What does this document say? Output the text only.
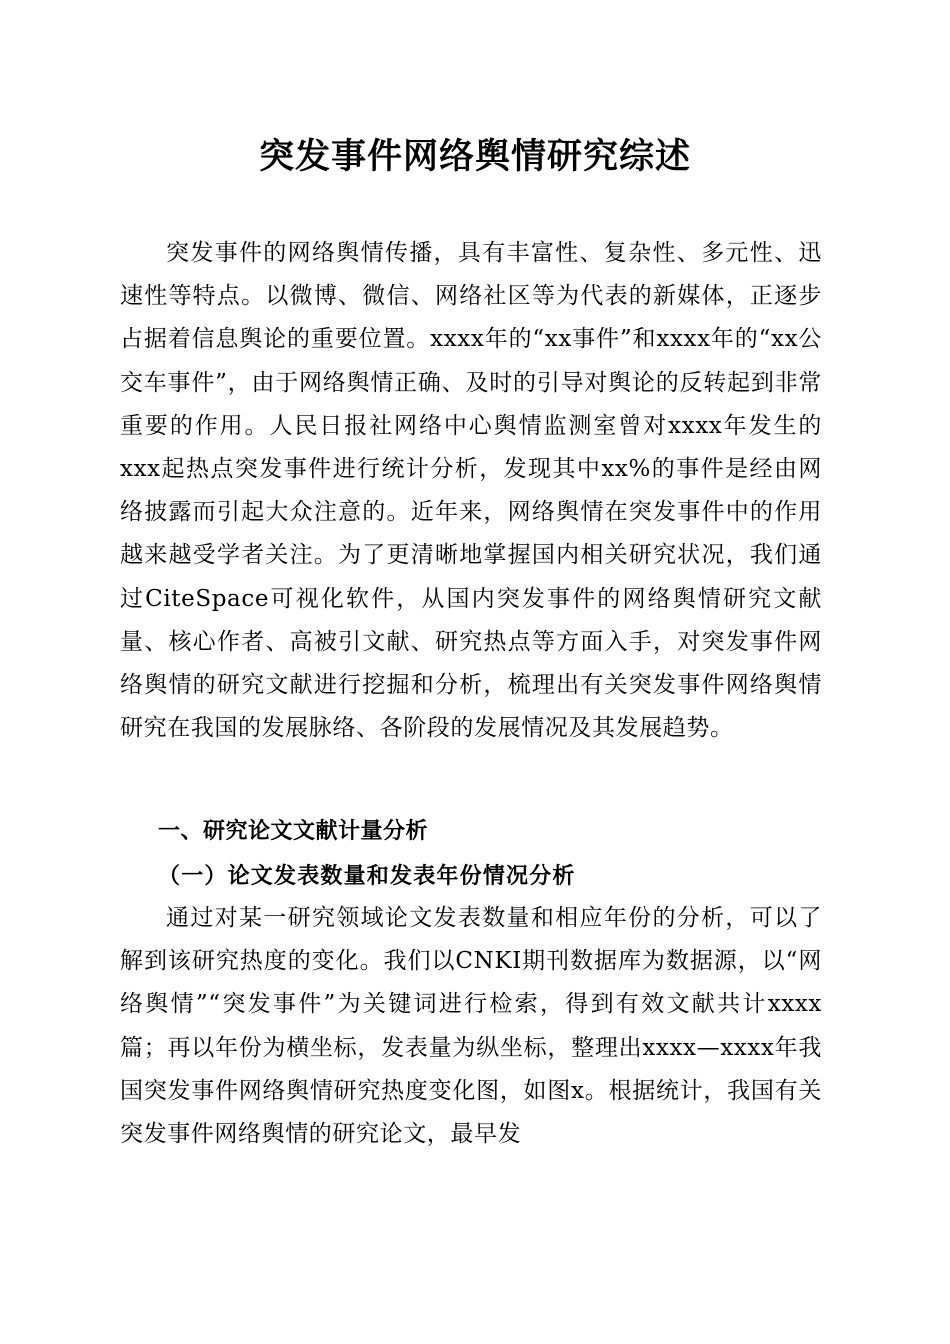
突发事件网络舆情研究综述

突发事件的网络舆情传播，具有丰富性、复杂性、多元性、迅速性等特点。以微博、微信、网络社区等为代表的新媒体，正逐步占据着信息舆论的重要位置。xxxx年的“xx事件”和xxxx年的“xx公交车事件”，由于网络舆情正确、及时的引导对舆论的反转起到非常重要的作用。人民日报社网络中心舆情监测室曾对xxxx年发生的xxx起热点突发事件进行统计分析，发现其中xx%的事件是经由网络披露而引起大众注意的。近年来，网络舆情在突发事件中的作用越来越受学者关注。为了更清晰地掌握国内相关研究状况，我们通过CiteSpace可视化软件，从国内突发事件的网络舆情研究文献量、核心作者、高被引文献、研究热点等方面入手，对突发事件网络舆情的研究文献进行挖掘和分析，梳理出有关突发事件网络舆情研究在我国的发展脉络、各阶段的发展情况及其发展趋势。

一、研究论文文献计量分析
（一）论文发表数量和发表年份情况分析

通过对某一研究领域论文发表数量和相应年份的分析，可以了解到该研究热度的变化。我们以CNKI期刊数据库为数据源，以“网络舆情”“突发事件”为关键词进行检索，得到有效文献共计xxxx篇；再以年份为横坐标，发表量为纵坐标，整理出xxxx—xxxx年我国突发事件网络舆情研究热度变化图，如图x。根据统计，我国有关突发事件网络舆情的研究论文，最早发
